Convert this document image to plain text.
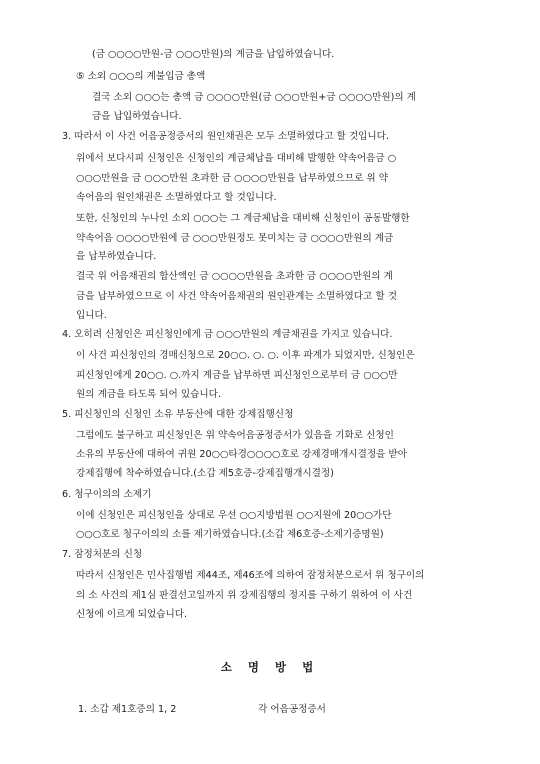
(금 ○○○○만원-금 ○○○만원)의 계금을 납입하였습니다.
⑤ 소외 ○○○의 계불입금 총액
결국 소외 ○○○는 총액 금 ○○○○만원(금 ○○○만원+금 ○○○○만원)의 계
금을 납입하였습니다.
3. 따라서 이 사건 어음공정증서의 원인채권은 모두 소멸하였다고 할 것입니다.
위에서 보다시피 신청인은 신청인의 계금체납을 대비해 발행한 약속어음금 ○
○○○만원을 금 ○○○만원 초과한 금 ○○○○만원을 납부하였으므로 위 약
속어음의 원인채권은 소멸하였다고 할 것입니다.
또한, 신청인의 누나인 소외 ○○○는 그 계금체납을 대비해 신청인이 공동발행한
약속어음 ○○○○만원에 금 ○○○만원정도 못미치는 금 ○○○○만원의 계금
을 납부하였습니다.
결국 위 어음채권의 합산액인 금 ○○○○만원을 초과한 금 ○○○○만원의 계
금을 납부하였으므로 이 사건 약속어음채권의 원인관계는 소멸하였다고 할 것
입니다.
4. 오히려 신청인은 피신청인에게 금 ○○○만원의 계금채권을 가지고 있습니다.
이 사건 피신청인의 경매신청으로 20○○. ○. ○. 이후 파계가 되었지만, 신청인은
피신청인에게 20○○. ○.까지 계금을 납부하면 피신청인으로부터 금 ○○○만
원의 계금을 타도록 되어 있습니다.
5. 피신청인의 신청인 소유 부동산에 대한 강제집행신청
그럼에도 불구하고 피신청인은 위 약속어음공정증서가 있음을 기화로 신청인
소유의 부동산에 대하여 귀원 20○○타경○○○○호로 강제경매개시결정을 받아
강제집행에 착수하였습니다.(소갑 제5호증-강제집행개시결정)
6. 청구이의의 소제기
이에 신청인은 피신청인을 상대로 우선 ○○지방법원 ○○지원에 20○○가단
○○○호로 청구이의의 소를 제기하였습니다.(소갑 제6호증-소제기증명원)
7. 잠정처분의 신청
따라서 신청인은 민사집행법 제44조, 제46조에 의하여 잠정처분으로서 위 청구이의
의 소 사건의 제1심 판결선고일까지 위 강제집행의 정지를 구하기 위하여 이 사건
신청에 이르게 되었습니다.
소 명 방 법
1. 소갑 제1호증의 1, 2	각 어음공정증서
